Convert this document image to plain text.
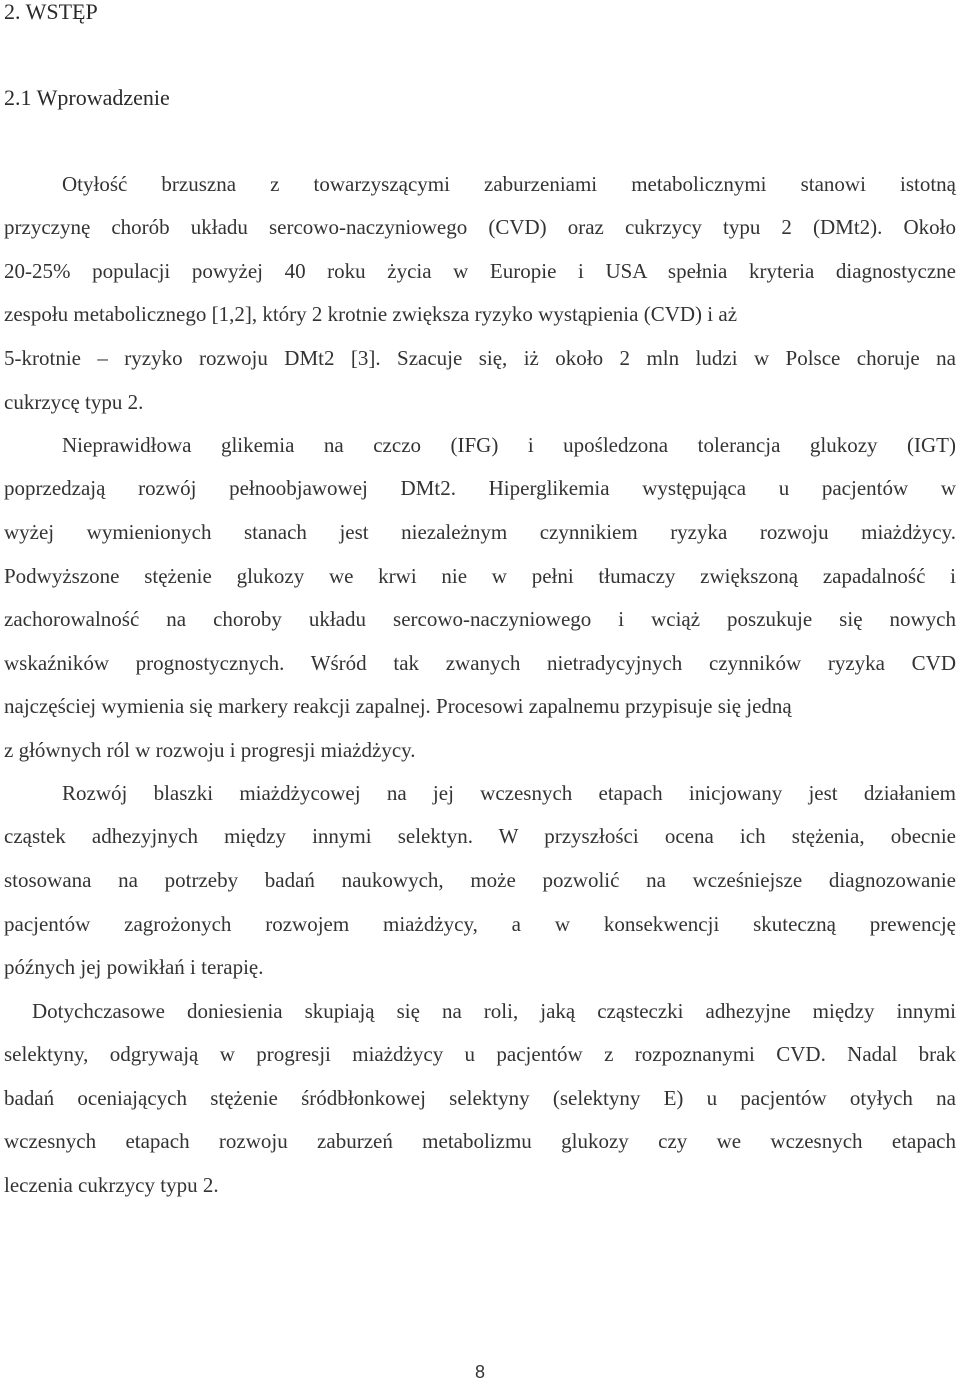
2. WSTĘP
2.1 Wprowadzenie
Otyłość brzuszna z towarzyszącymi zaburzeniami metabolicznymi stanowi istotną
przyczynę chorób układu sercowo-naczyniowego (CVD) oraz cukrzycy typu 2 (DMt2). Około
20-25% populacji powyżej 40 roku życia w Europie i USA spełnia kryteria diagnostyczne
zespołu metabolicznego [1,2], który 2 krotnie zwiększa ryzyko wystąpienia (CVD) i aż
5-krotnie – ryzyko rozwoju DMt2 [3]. Szacuje się, iż około 2 mln ludzi w Polsce choruje na
cukrzycę typu 2.
Nieprawidłowa glikemia na czczo (IFG) i upośledzona tolerancja glukozy (IGT)
poprzedzają rozwój pełnoobjawowej DMt2. Hiperglikemia występująca u pacjentów w
wyżej wymienionych stanach jest niezależnym czynnikiem ryzyka rozwoju miażdżycy.
Podwyższone stężenie glukozy we krwi nie w pełni tłumaczy zwiększoną zapadalność i
zachorowalność na choroby układu sercowo-naczyniowego i wciąż poszukuje się nowych
wskaźników prognostycznych. Wśród tak zwanych nietradycyjnych czynników ryzyka CVD
najczęściej wymienia się markery reakcji zapalnej. Procesowi zapalnemu przypisuje się jedną
z głównych ról w rozwoju i progresji miażdżycy.
Rozwój blaszki miażdżycowej na jej wczesnych etapach inicjowany jest działaniem
cząstek adhezyjnych między innymi selektyn. W przyszłości ocena ich stężenia, obecnie
stosowana na potrzeby badań naukowych, może pozwolić na wcześniejsze diagnozowanie
pacjentów zagrożonych rozwojem miażdżycy, a w konsekwencji skuteczną prewencję
późnych jej powikłań i terapię.
Dotychczasowe doniesienia skupiają się na roli, jaką cząsteczki adhezyjne między innymi
selektyny, odgrywają w progresji miażdżycy u pacjentów z rozpoznanymi CVD. Nadal brak
badań oceniających stężenie śródbłonkowej selektyny (selektyny E) u pacjentów otyłych na
wczesnych etapach rozwoju zaburzeń metabolizmu glukozy czy we wczesnych etapach
leczenia cukrzycy typu 2.
8
